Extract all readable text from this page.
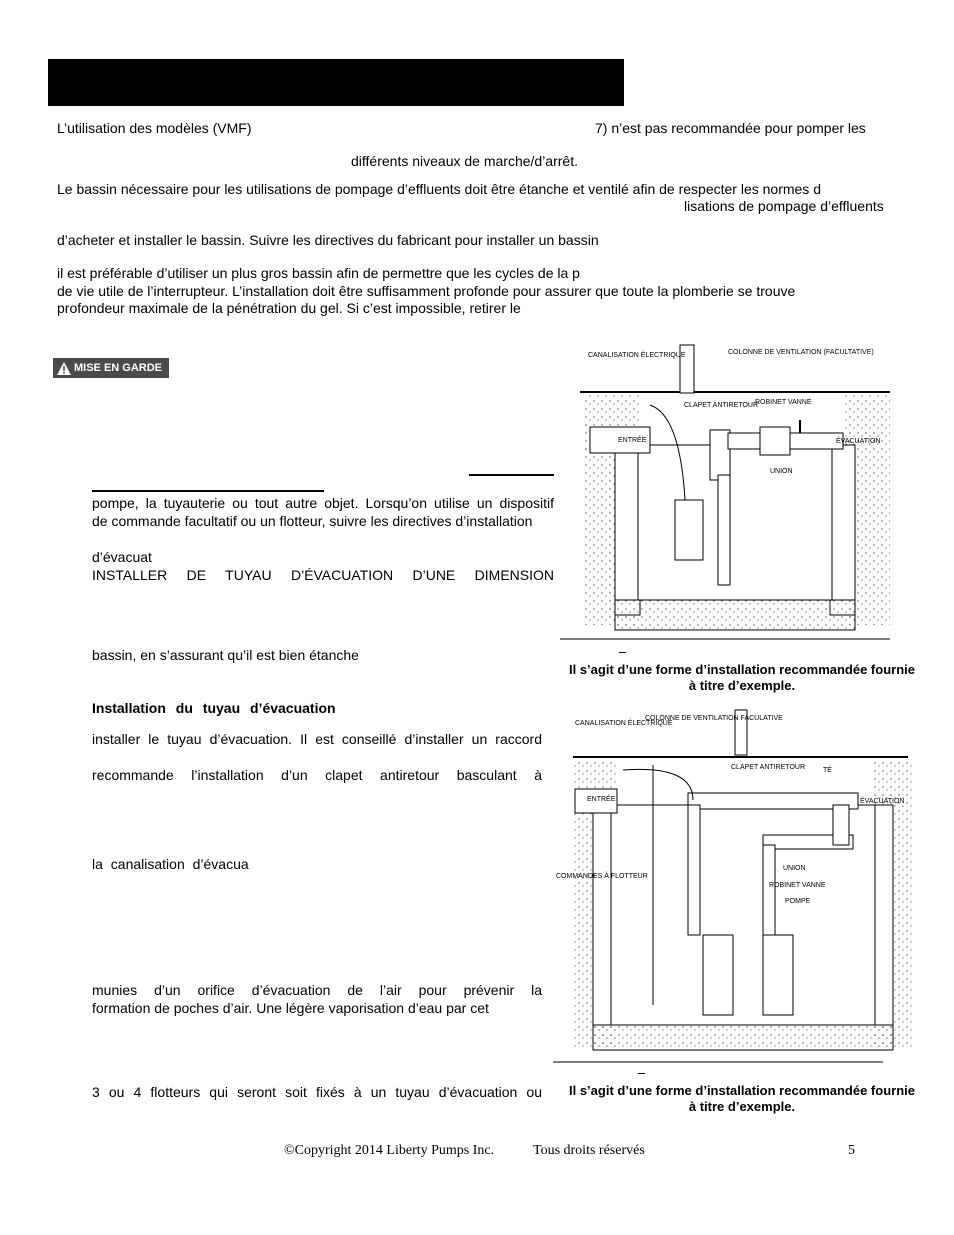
L’utilisation des modèles (VMF)	7) n’est pas recommandée pour pomper les
différents niveaux de marche/d’arrêt.
Le bassin nécessaire pour les utilisations de pompage d’effluents doit être étanche et ventilé afin de respecter les normes d
lisations de pompage d’effluents
d’acheter et installer le bassin. Suivre les directives du fabricant pour installer un bassin
il est préférable d’utiliser un plus gros bassin afin de permettre que les cycles de la p
de vie utile de l’interrupteur. L’installation doit être suffisamment profonde pour assurer que toute la plomberie se trouve
profondeur maximale de la pénétration du gel. Si c’est impossible, retirer le
MISE EN GARDE
pompe, la tuyauterie ou tout autre objet. Lorsqu’on utilise un dispositif
de commande facultatif ou un flotteur, suivre les directives d’installation
d’évacuat
INSTALLER DE TUYAU D’ÉVACUATION D’UNE DIMENSION
bassin, en s’assurant qu’il est bien étanche
Installation du tuyau d’évacuation
installer le tuyau d’évacuation. Il est conseillé d’installer un raccord
recommande l’installation d’un clapet antiretour basculant à
la canalisation d’évacua
munies d’un orifice d’évacuation de l’air pour prévenir la
formation de poches d’air. Une légère vaporisation d’eau par cet
3 ou 4 flotteurs qui seront soit fixés à un tuyau d’évacuation ou
CANALISATION ÉLECTRIQUE	COLONNE DE VENTILATION (FACULTATIVE)
CLAPET ANTIRETOUR
ROBINET VANNE
ENTRÉE	ÉVACUATION
UNION
Il s’agit d’une forme d’installation recommandée fournie
à titre d’exemple.
CANALISATION ÉLECTRIQUE
COLONNE DE VENTILATION FACULATIVE
CLAPET ANTIRETOUR	TÉ
ENTRÉE	ÉVACUATION
UNION
ROBINET VANNE
POMPE
COMMANDES À FLOTTEUR
Il s’agit d’une forme d’installation recommandée fournie
à titre d’exemple.
©Copyright 2014 Liberty Pumps Inc.	Tous droits réservés	5
